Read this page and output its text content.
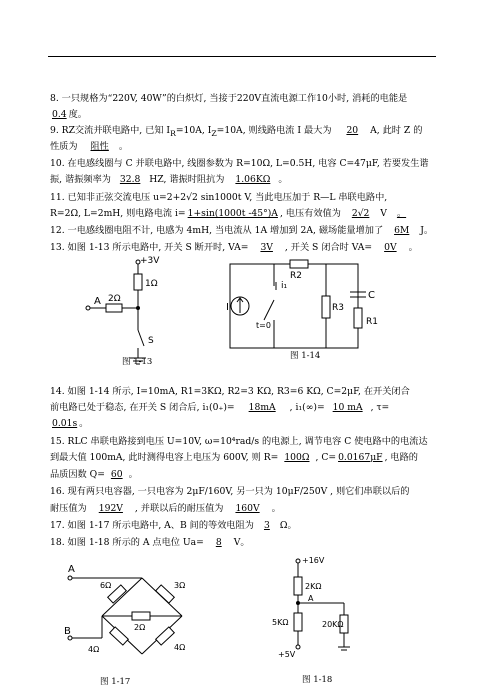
8. 一只规格为“220V, 40W”的白炽灯, 当接于220V直流电源工作10小时, 消耗的电能是
0.4 度。
9. RZ交流并联电路中, 已知 $I_R=10A$, $I_Z=10A$, 则线路电流 I 最大为 20 A, 此时 Z 的
性质为 阻性 。
10. 在电感线圈与 C 并联电路中, 线圈参数为 R=10Ω, L=0.5H, 电容 C=47μF, 若要发生谐
振, 谐振频率为 32.8 HZ, 谐振时阻抗为 1.06KΩ 。
11. 已知非正弦交流电压 u=2+2√2 sin1000t V, 当此电压加于 R—L 串联电路中,
R=2Ω, L=2mH, 则电路电流 i= 1+sin(1000t -45°)A , 电压有效值为 2√2 V 。
12. 一电感线圈电阻不计, 电感为 4mH, 当电流从 1A 增加到 2A, 磁场能量增加了 6M J。
13. 如图 1-13 所示电路中, 开关 S 断开时, VA= 3V , 开关 S 闭合时 VA= 0V 。
+3V
1Ω
A 2Ω
S
图 1-13
I
i₁
t=0
R2
R3
R1
C
图 1-14
14. 如图 1-14 所示, I=10mA, R1=3KΩ, R2=3 KΩ, R3=6 KΩ, C=2μF, 在开关闭合
前电路已处于稳态, 在开关 S 闭合后, i₁(0₊)= 18mA , i₁(∞)= 10 mA , τ=
0.01s 。
15. RLC 串联电路接到电压 U=10V, ω=10⁴rad/s 的电源上, 调节电容 C 使电路中的电流达
到最大值 100mA, 此时测得电容上电压为 600V, 则 R= 100Ω , C= 0.0167μF , 电路的
品质因数 Q= 60 。
16. 现有两只电容器, 一只电容为 2μF/160V, 另一只为 10μF/250V , 则它们串联以后的
耐压值为 192V , 并联以后的耐压值为 160V 。
17. 如图 1-17 所示电路中, A、B 间的等效电阻为 3 Ω。
18. 如图 1-18 所示的 A 点电位 Ua= 8 V。
A
B
6Ω	3Ω
2Ω
4Ω	4Ω
图 1-17
+16V
2KΩ
A
20KΩ
5KΩ
+5V
图 1-18
